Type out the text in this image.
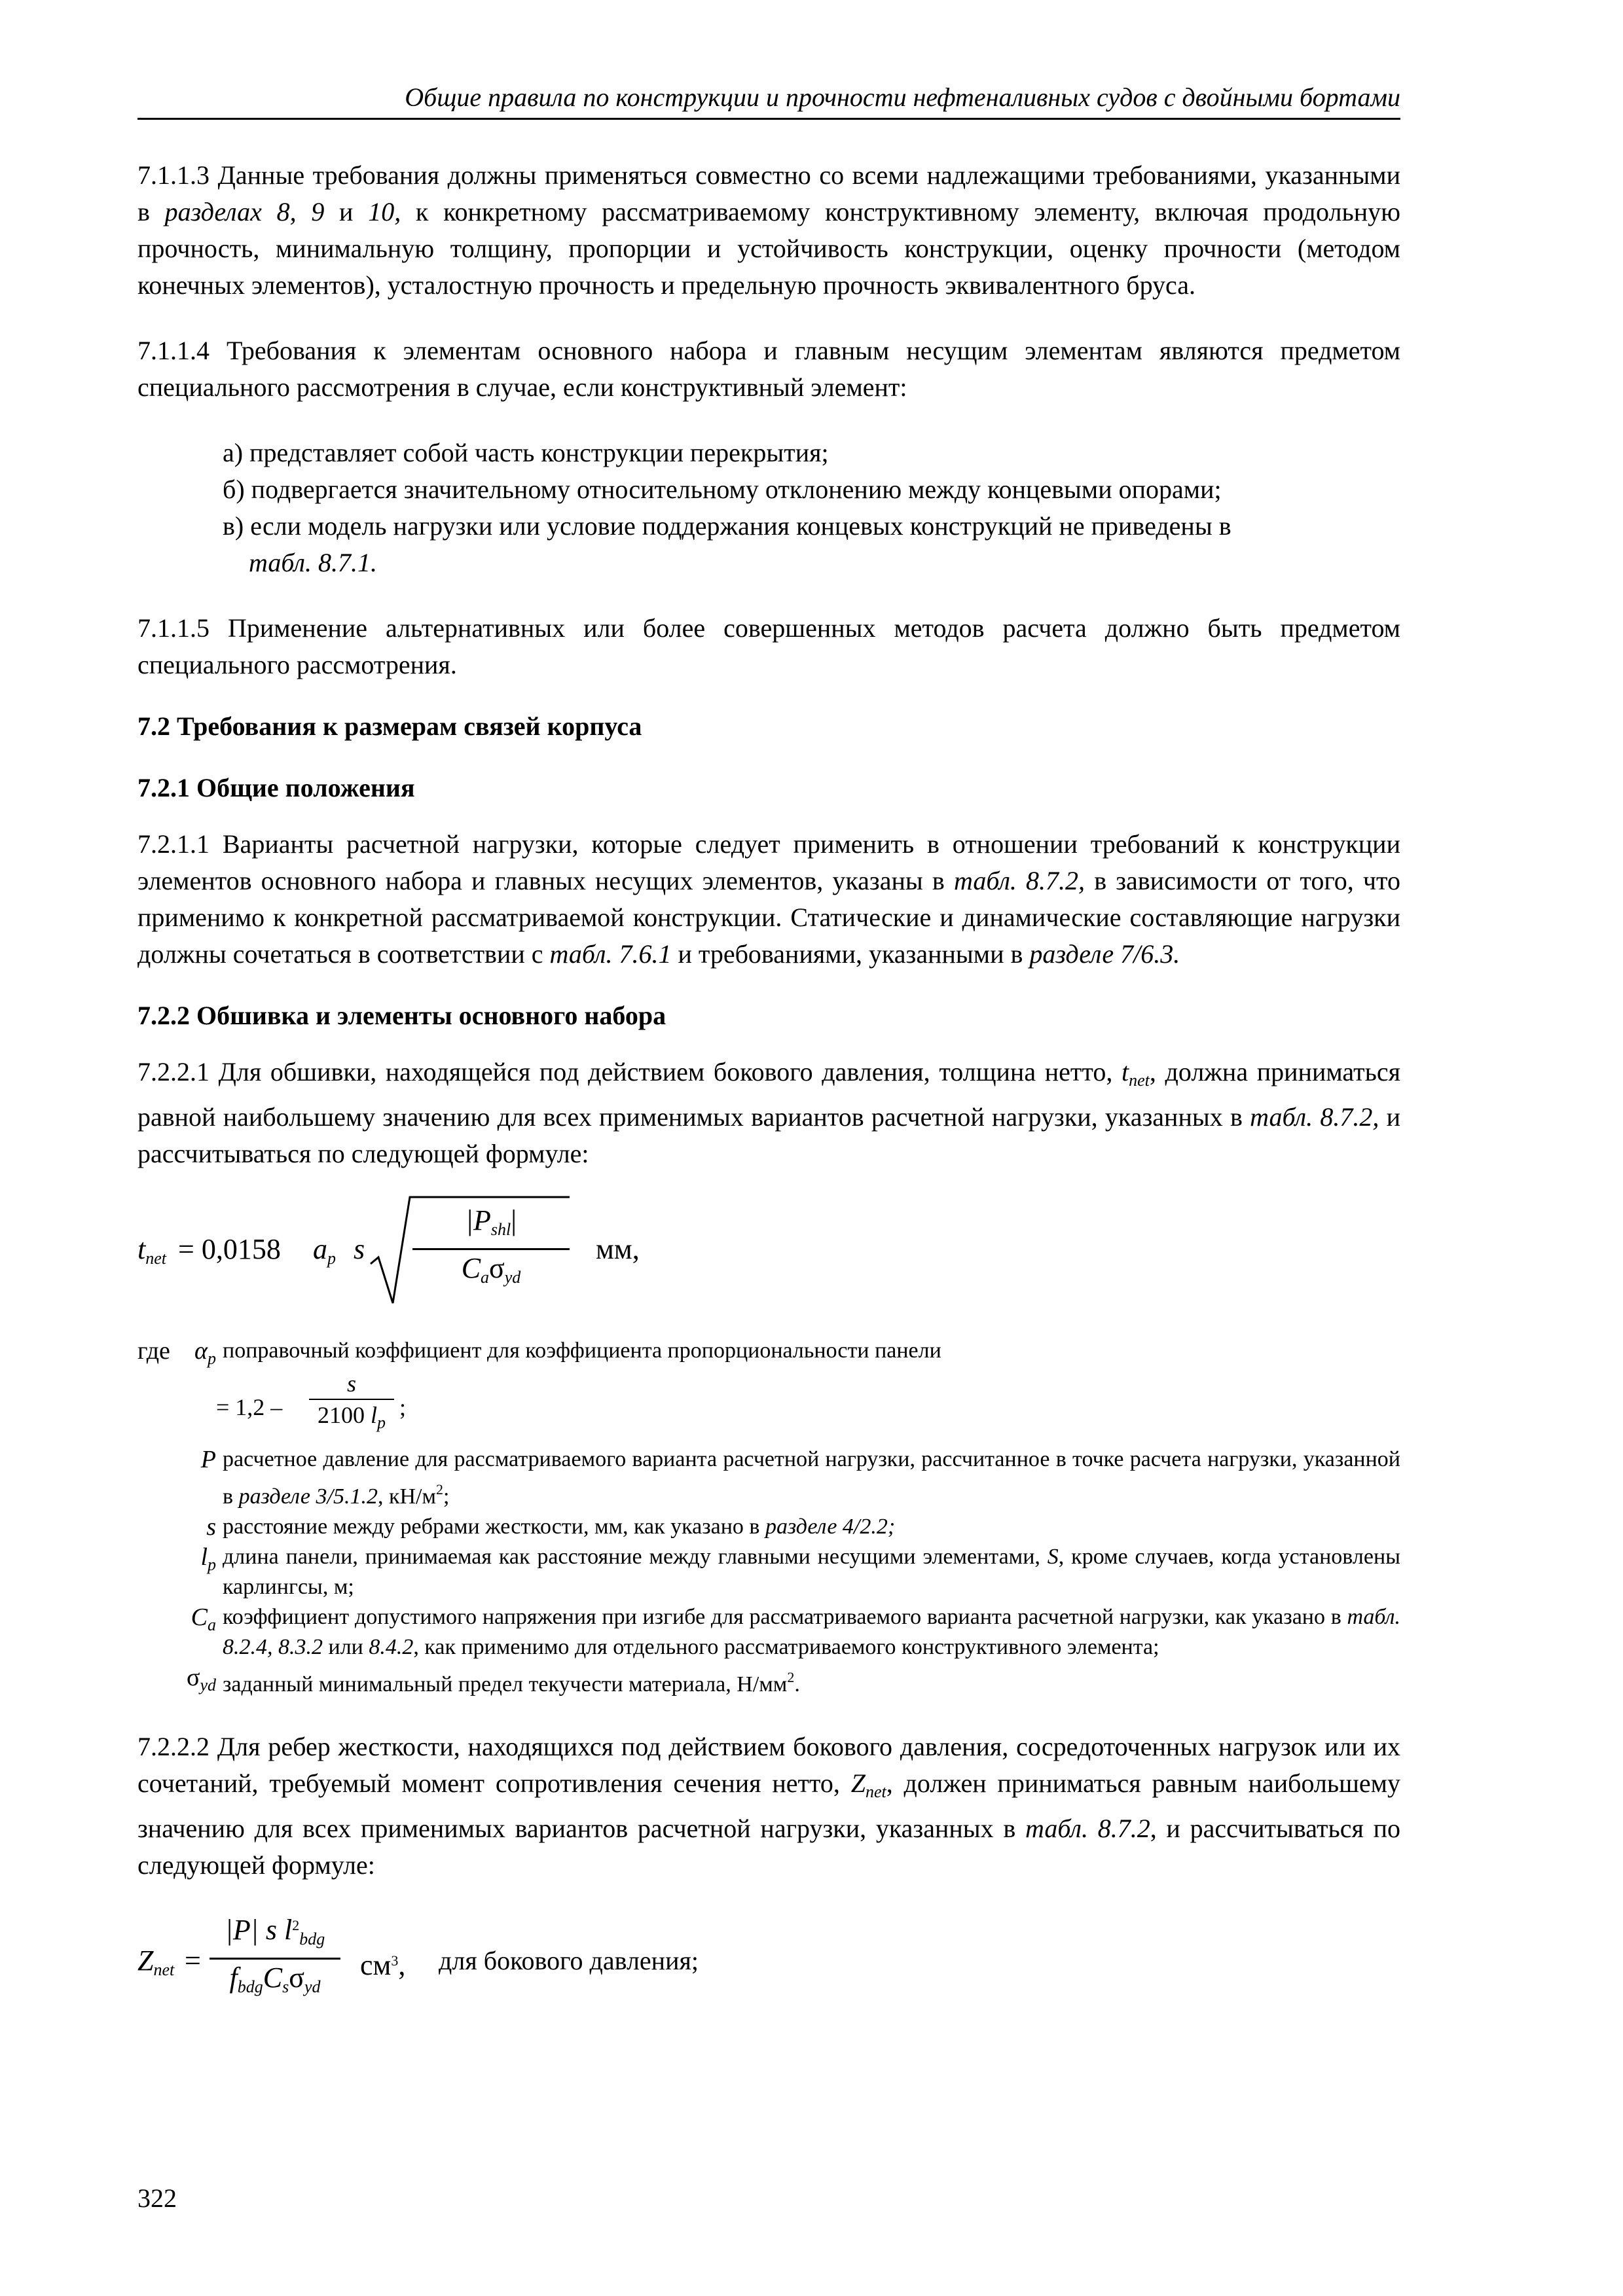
Общие правила по конструкции и прочности нефтеналивных судов с двойными бортами
7.1.1.3 Данные требования должны применяться совместно со всеми надлежащими требованиями, указанными в разделах 8, 9 и 10, к конкретному рассматриваемому конструктивному элементу, включая продольную прочность, минимальную толщину, пропорции и устойчивость конструкции, оценку прочности (методом конечных элементов), усталостную прочность и предельную прочность эквивалентного бруса.
7.1.1.4 Требования к элементам основного набора и главным несущим элементам являются предметом специального рассмотрения в случае, если конструктивный элемент:
а) представляет собой часть конструкции перекрытия;
б) подвергается значительному относительному отклонению между концевыми опорами;
в) если модель нагрузки или условие поддержания концевых конструкций не приведены в
табл. 8.7.1.
7.1.1.5 Применение альтернативных или более совершенных методов расчета должно быть предметом специального рассмотрения.
7.2 Требования к размерам связей корпуса
7.2.1 Общие положения
7.2.1.1 Варианты расчетной нагрузки, которые следует применить в отношении требований к конструкции элементов основного набора и главных несущих элементов, указаны в табл. 8.7.2, в зависимости от того, что применимо к конкретной рассматриваемой конструкции. Статические и динамические составляющие нагрузки должны сочетаться в соответствии с табл. 7.6.1 и требованиями, указанными в разделе 7/6.3.
7.2.2 Обшивка и элементы основного набора
7.2.2.1 Для обшивки, находящейся под действием бокового давления, толщина нетто, $t_{net}$, должна приниматься равной наибольшему значению для всех применимых вариантов расчетной нагрузки, указанных в табл. 8.7.2, и рассчитываться по следующей формуле:
$t_{net} = 0,0158$ $a_p$ s
$|P_{shl}|$
$C_a\sigma_{yd}$
мм,
где $\alpha_p$ поправочный коэффициент для коэффициента пропорциональности панели
= 1,2 –
s
2100 $l_p$
;
P расчетное давление для рассматриваемого варианта расчетной нагрузки, рассчитанное в точке расчета нагрузки, указанной в разделе 3/5.1.2, $кН/м^2$;
s расстояние между ребрами жесткости, мм, как указано в разделе 4/2.2;
$l_p$ длина панели, принимаемая как расстояние между главными несущими элементами, S, кроме случаев, когда установлены карлингсы, м;
$C_a$ коэффициент допустимого напряжения при изгибе для рассматриваемого варианта расчетной нагрузки, как указано в табл. 8.2.4, 8.3.2 или 8.4.2, как применимо для отдельного рассматриваемого конструктивного элемента;
$\sigma_{yd}$ заданный минимальный предел текучести материала, $Н/мм^2$.
7.2.2.2 Для ребер жесткости, находящихся под действием бокового давления, сосредоточенных нагрузок или их сочетаний, требуемый момент сопротивления сечения нетто, $Z_{net}$, должен приниматься равным наибольшему значению для всех применимых вариантов расчетной нагрузки, указанных в табл. 8.7.2, и рассчитываться по следующей формуле:
$Z_{net}$ =
|P| s $l^2_{bdg}$
$f_{bdg}C_s\sigma_{yd}$
$см^3$, для бокового давления;
322
